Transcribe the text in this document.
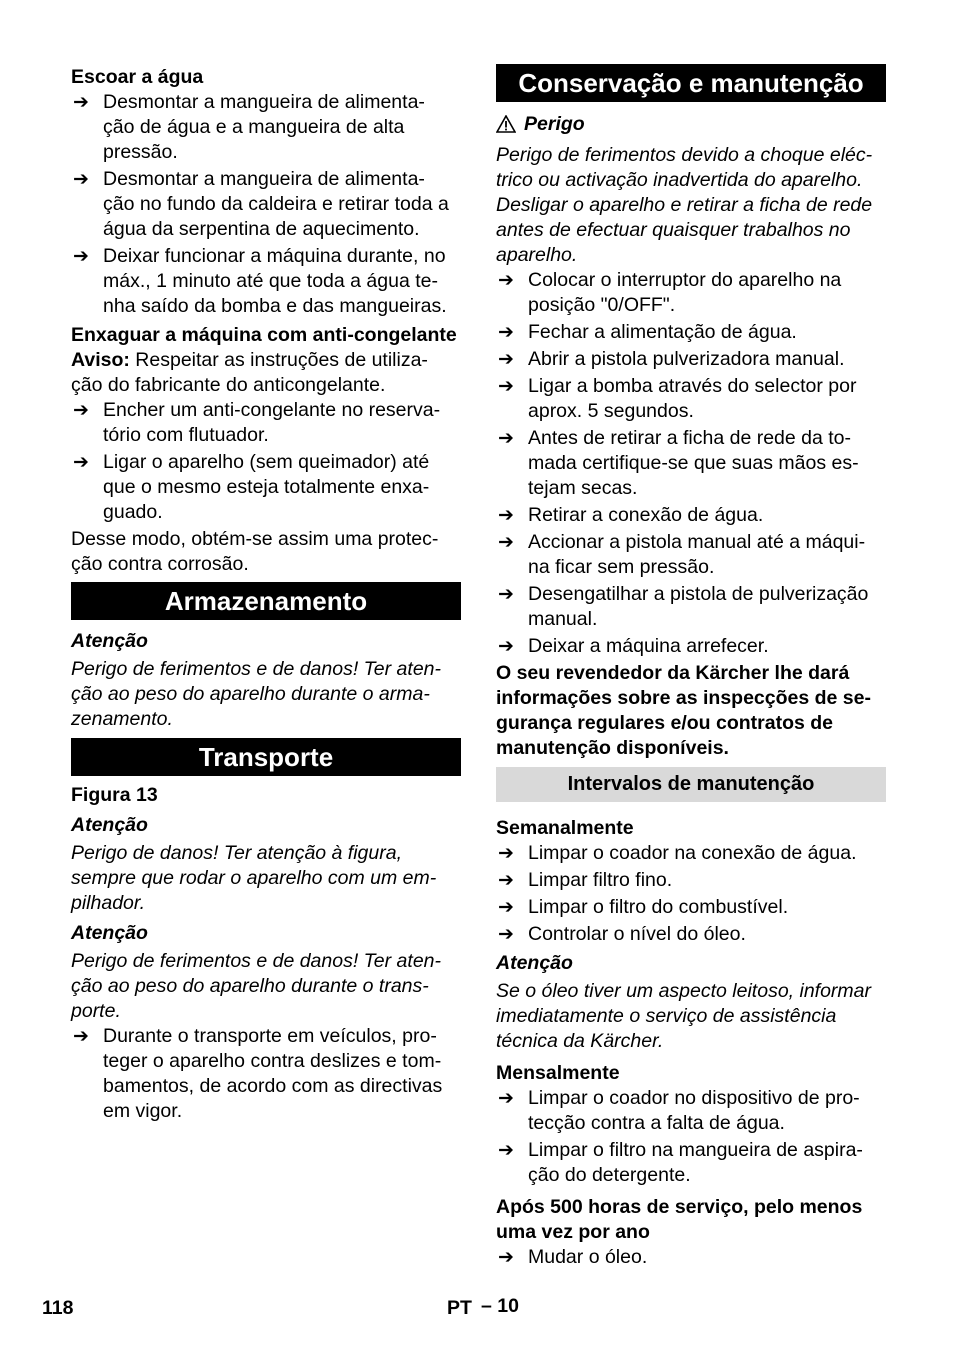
Escoar a água

➔ Desmontar a mangueira de alimenta-
ção de água e a mangueira de alta
pressão.
➔ Desmontar a mangueira de alimenta-
ção no fundo da caldeira e retirar toda a
água da serpentina de aquecimento.
➔ Deixar funcionar a máquina durante, no
máx., 1 minuto até que toda a água te-
nha saído da bomba e das mangueiras.

Enxaguar a máquina com anti-congelante

Aviso: Respeitar as instruções de utiliza-
ção do fabricante do anticongelante.

➔ Encher um anti-congelante no reserva-
tório com flutuador.
➔ Ligar o aparelho (sem queimador) até
que o mesmo esteja totalmente enxa-
guado.

Desse modo, obtém-se assim uma protec-
ção contra corrosão.

Armazenamento

Atenção

Perigo de ferimentos e de danos! Ter aten-
ção ao peso do aparelho durante o arma-
zenamento.

Transporte

Figura 13

Atenção

Perigo de danos! Ter atenção à figura,
sempre que rodar o aparelho com um em-
pilhador.

Atenção

Perigo de ferimentos e de danos! Ter aten-
ção ao peso do aparelho durante o trans-
porte.

➔ Durante o transporte em veículos, pro-
teger o aparelho contra deslizes e tom-
bamentos, de acordo com as directivas
em vigor.
Conservação e manutenção

Perigo

Perigo de ferimentos devido a choque eléc-
trico ou activação inadvertida do aparelho.
Desligar o aparelho e retirar a ficha de rede
antes de efectuar quaisquer trabalhos no
aparelho.

➔ Colocar o interruptor do aparelho na
posição "0/OFF".
➔ Fechar a alimentação de água.
➔ Abrir a pistola pulverizadora manual.
➔ Ligar a bomba através do selector por
aprox. 5 segundos.
➔ Antes de retirar a ficha de rede da to-
mada certifique-se que suas mãos es-
tejam secas.
➔ Retirar a conexão de água.
➔ Accionar a pistola manual até a máqui-
na ficar sem pressão.
➔ Desengatilhar a pistola de pulverização
manual.
➔ Deixar a máquina arrefecer.

O seu revendedor da Kärcher lhe dará
informações sobre as inspecções de se-
gurança regulares e/ou contratos de
manutenção disponíveis.

Intervalos de manutenção

Semanalmente

➔ Limpar o coador na conexão de água.
➔ Limpar filtro fino.
➔ Limpar o filtro do combustível.
➔ Controlar o nível do óleo.

Atenção

Se o óleo tiver um aspecto leitoso, informar
imediatamente o serviço de assistência
técnica da Kärcher.

Mensalmente

➔ Limpar o coador no dispositivo de pro-
tecção contra a falta de água.
➔ Limpar o filtro na mangueira de aspira-
ção do detergente.

Após 500 horas de serviço, pelo menos
uma vez por ano

➔ Mudar o óleo.
118	PT – 10
